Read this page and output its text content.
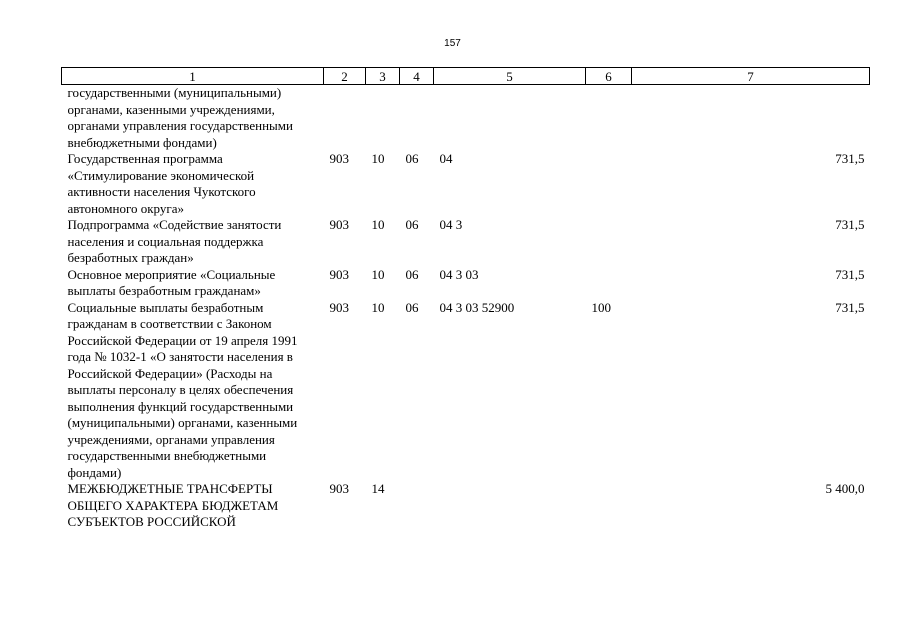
157
1	2	3	4	5	6	7
государственными (муниципальными) органами, казенными учреждениями, органами управления государственными внебюджетными фондами)						
Государственная программа «Стимулирование экономической активности населения Чукотского автономного округа»	903	10	06	04		731,5
Подпрограмма «Содействие занятости населения и социальная поддержка безработных граждан»	903	10	06	04 3		731,5
Основное мероприятие «Социальные выплаты безработным гражданам»	903	10	06	04 3 03		731,5
Социальные выплаты безработным гражданам в соответствии с Законом Российской Федерации от 19 апреля 1991 года № 1032-1 «О занятости населения в Российской Федерации» (Расходы на выплаты персоналу в целях обеспечения выполнения функций государственными (муниципальными) органами, казенными учреждениями, органами управления государственными внебюджетными фондами)	903	10	06	04 3 03 52900	100	731,5
МЕЖБЮДЖЕТНЫЕ ТРАНСФЕРТЫ ОБЩЕГО ХАРАКТЕРА БЮДЖЕТАМ СУБЪЕКТОВ РОССИЙСКОЙ	903	14				5 400,0
